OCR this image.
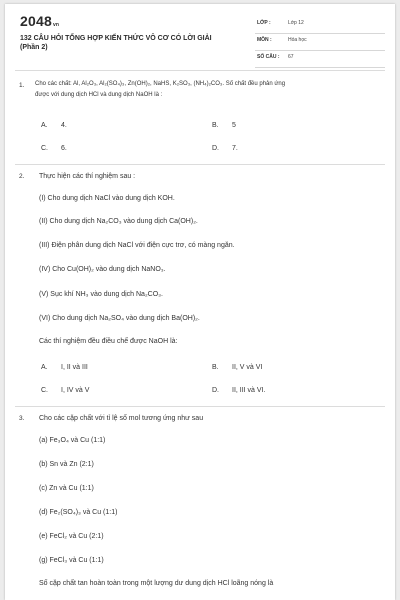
2048vn
132 CÂU HỎI TỔNG HỢP KIẾN THỨC VÔ CƠ CÓ LỜI GIẢI
(Phần 2)
LỚP :	Lớp 12
MÔN :	Hóa học
SỐ CÂU : 67
1. Cho các chất: Al, Al₂O₃, Al₂(SO₄)₃, Zn(OH)₂, NaHS, K₂SO₃, (NH₄)₂CO₃. Số chất đều phản ứng
được với dung dịch HCl và dung dịch NaOH là :
A. 4.	B. 5
C. 6.	D. 7.
2. Thực hiện các thí nghiệm sau :
(I) Cho dung dịch NaCl vào dung dịch KOH.
(II) Cho dung dịch Na₂CO₃ vào dung dịch Ca(OH)₂.
(III) Điện phân dung dịch NaCl với điện cực trơ, có màng ngăn.
(IV) Cho Cu(OH)₂ vào dung dịch NaNO₃.
(V) Sục khí NH₃ vào dung dịch Na₂CO₃.
(VI) Cho dung dịch Na₂SO₄ vào dung dịch Ba(OH)₂.
Các thí nghiệm đều điều chế được NaOH là:
A. I, II và III	B. II, V và VI
C. I, IV và V	D. II, III và VI.
3. Cho các cặp chất với tỉ lệ số mol tương ứng như sau
(a) Fe₃O₄ và Cu (1:1)
(b) Sn và Zn (2:1)
(c) Zn và Cu (1:1)
(d) Fe₂(SO₄)₃ và Cu (1:1)
(e) FeCl₂ và Cu (2:1)
(g) FeCl₃ và Cu (1:1)
Số cặp chất tan hoàn toàn trong một lượng dư dung dịch HCl loãng nóng là
